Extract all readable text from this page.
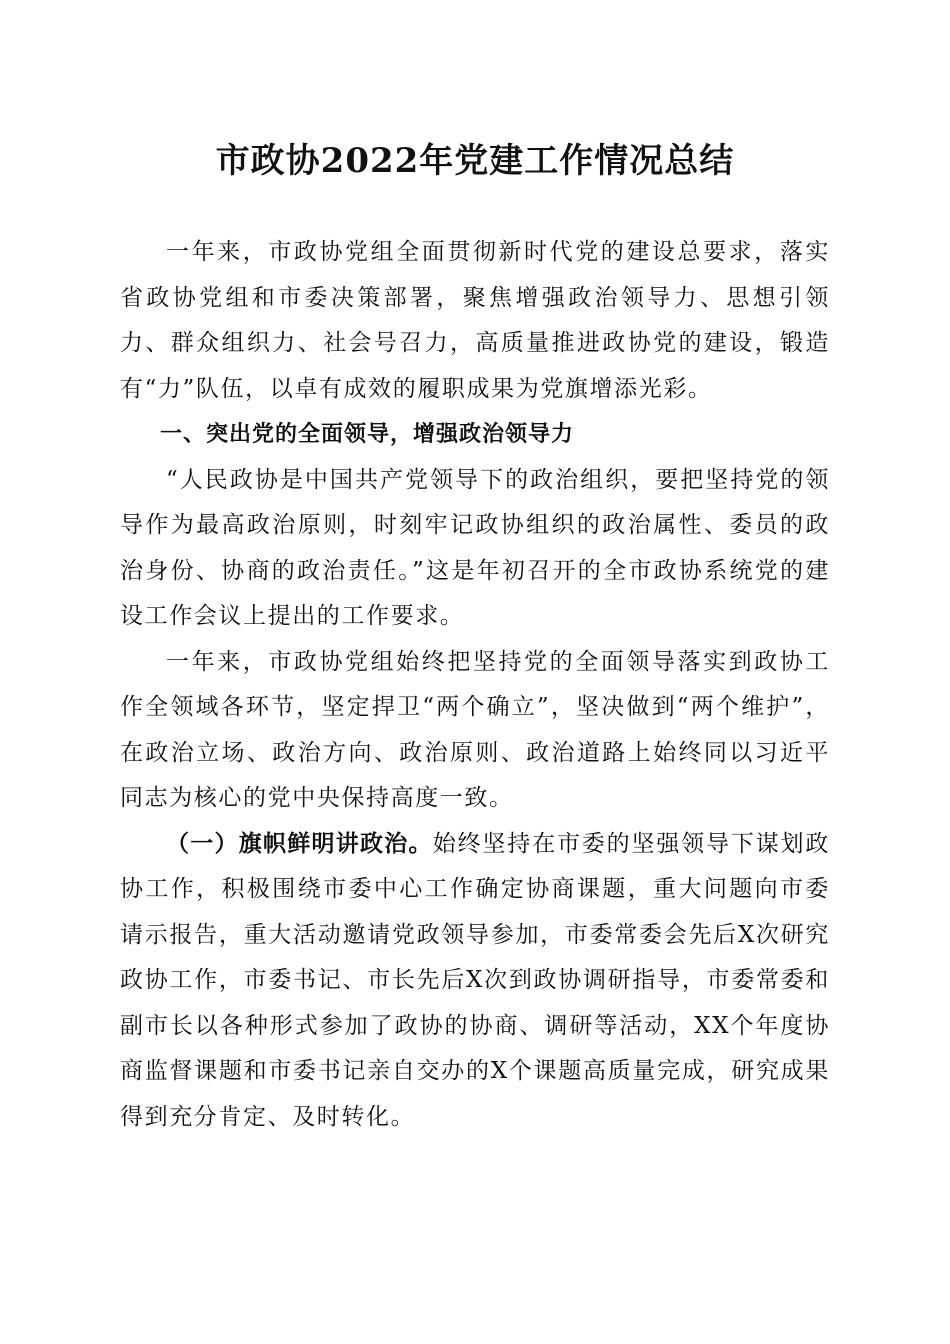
市政协2022年党建工作情况总结

一年来，市政协党组全面贯彻新时代党的建设总要求，落实省政协党组和市委决策部署，聚焦增强政治领导力、思想引领力、群众组织力、社会号召力，高质量推进政协党的建设，锻造有“力”队伍，以卓有成效的履职成果为党旗增添光彩。

一、突出党的全面领导，增强政治领导力

“人民政协是中国共产党领导下的政治组织，要把坚持党的领导作为最高政治原则，时刻牢记政协组织的政治属性、委员的政治身份、协商的政治责任。”这是年初召开的全市政协系统党的建设工作会议上提出的工作要求。

一年来，市政协党组始终把坚持党的全面领导落实到政协工作全领域各环节，坚定捍卫“两个确立”，坚决做到“两个维护”，在政治立场、政治方向、政治原则、政治道路上始终同以习近平同志为核心的党中央保持高度一致。

（一）旗帜鲜明讲政治。始终坚持在市委的坚强领导下谋划政协工作，积极围绕市委中心工作确定协商课题，重大问题向市委请示报告，重大活动邀请党政领导参加，市委常委会先后X次研究政协工作，市委书记、市长先后X次到政协调研指导，市委常委和副市长以各种形式参加了政协的协商、调研等活动，XX个年度协商监督课题和市委书记亲自交办的X个课题高质量完成，研究成果得到充分肯定、及时转化。
